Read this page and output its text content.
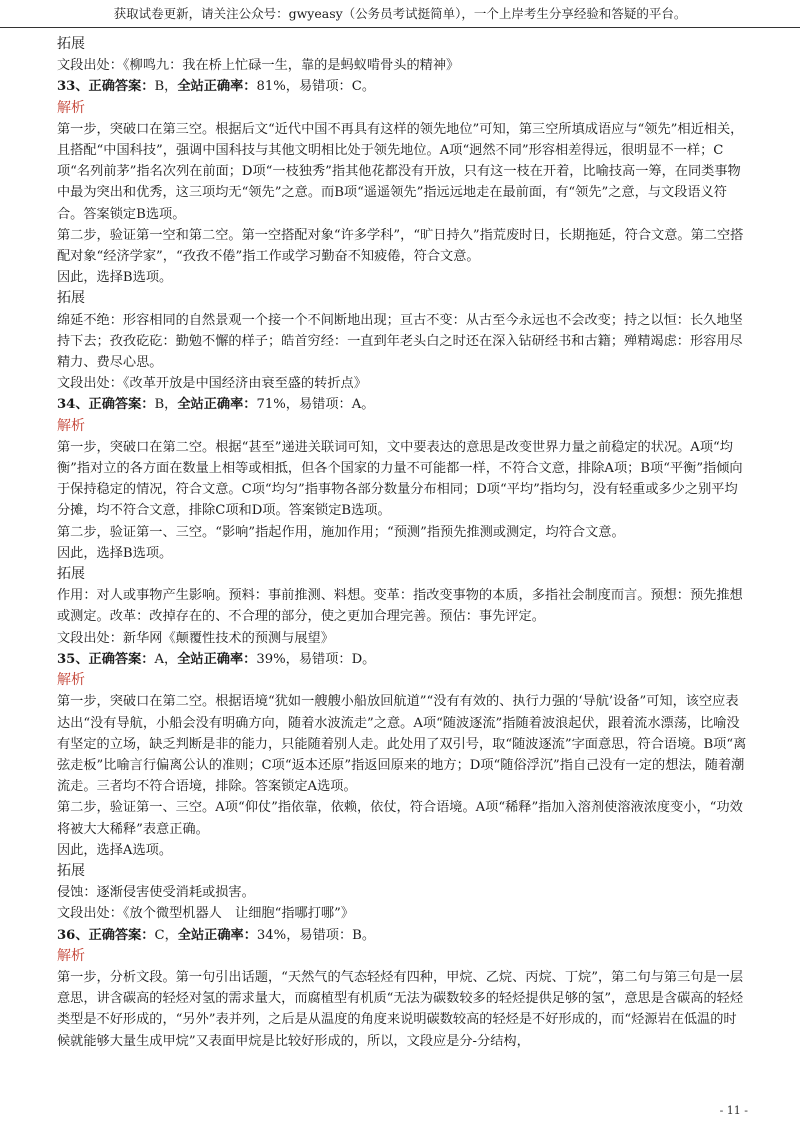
获取试卷更新，请关注公众号：gwyeasy（公务员考试挺简单），一个上岸考生分享经验和答疑的平台。

拓展

文段出处：《柳鸣九：我在桥上忙碌一生，靠的是蚂蚁啃骨头的精神》

33、正确答案：B，全站正确率：81%，易错项：C。

解析

第一步，突破口在第三空。根据后文“近代中国不再具有这样的领先地位”可知，第三空所填成语应与“领先”相近相关，且搭配“中国科技”，强调中国科技与其他文明相比处于领先地位。A项“迥然不同”形容相差得远，很明显不一样；C项“名列前茅”指名次列在前面；D项“一枝独秀”指其他花都没有开放，只有这一枝在开着，比喻技高一筹，在同类事物中最为突出和优秀，这三项均无“领先”之意。而B项“遥遥领先”指远远地走在最前面，有“领先”之意，与文段语义符合。答案锁定B选项。

第二步，验证第一空和第二空。第一空搭配对象“许多学科”，“旷日持久”指荒废时日，长期拖延，符合文意。第二空搭配对象“经济学家”，“孜孜不倦”指工作或学习勤奋不知疲倦，符合文意。

因此，选择B选项。

拓展

绵延不绝：形容相同的自然景观一个接一个不间断地出现；亘古不变：从古至今永远也不会改变；持之以恒：长久地坚持下去；孜孜矻矻：勤勉不懈的样子；皓首穷经：一直到年老头白之时还在深入钻研经书和古籍；殚精竭虑：形容用尽精力、费尽心思。

文段出处：《改革开放是中国经济由衰至盛的转折点》

34、正确答案：B，全站正确率：71%，易错项：A。

解析

第一步，突破口在第二空。根据“甚至”递进关联词可知，文中要表达的意思是改变世界力量之前稳定的状况。A项“均衡”指对立的各方面在数量上相等或相抵，但各个国家的力量不可能都一样，不符合文意，排除A项；B项“平衡”指倾向于保持稳定的情况，符合文意。C项“均匀”指事物各部分数量分布相同；D项“平均”指均匀，没有轻重或多少之别平均分摊，均不符合文意，排除C项和D项。答案锁定B选项。

第二步，验证第一、三空。“影响”指起作用，施加作用；“预测”指预先推测或测定，均符合文意。

因此，选择B选项。

拓展

作用：对人或事物产生影响。预料：事前推测、料想。变革：指改变事物的本质，多指社会制度而言。预想：预先推想或测定。改革：改掉存在的、不合理的部分，使之更加合理完善。预估：事先评定。

文段出处：新华网《颠覆性技术的预测与展望》

35、正确答案：A，全站正确率：39%，易错项：D。

解析

第一步，突破口在第二空。根据语境“犹如一艘艘小船放回航道”“没有有效的、执行力强的‘导航’设备”可知，该空应表达出“没有导航，小船会没有明确方向，随着水波流走”之意。A项“随波逐流”指随着波浪起伏，跟着流水漂荡，比喻没有坚定的立场，缺乏判断是非的能力，只能随着别人走。此处用了双引号，取“随波逐流”字面意思，符合语境。B项“离弦走板”比喻言行偏离公认的准则；C项“返本还原”指返回原来的地方；D项“随俗浮沉”指自己没有一定的想法，随着潮流走。三者均不符合语境，排除。答案锁定A选项。

第二步，验证第一、三空。A项“仰仗”指依靠，依赖，依仗，符合语境。A项“稀释”指加入溶剂使溶液浓度变小，“功效将被大大稀释”表意正确。

因此，选择A选项。

拓展

侵蚀：逐渐侵害使受消耗或损害。

文段出处：《放个微型机器人　让细胞“指哪打哪”》

36、正确答案：C，全站正确率：34%，易错项：B。

解析

第一步，分析文段。第一句引出话题，“天然气的气态轻烃有四种，甲烷、乙烷、丙烷、丁烷”，第二句与第三句是一层意思，讲含碳高的轻烃对氢的需求量大，而腐植型有机质“无法为碳数较多的轻烃提供足够的氢”，意思是含碳高的轻烃类型是不好形成的，“另外”表并列，之后是从温度的角度来说明碳数较高的轻烃是不好形成的，而“烃源岩在低温的时候就能够大量生成甲烷”又表面甲烷是比较好形成的，所以，文段应是分-分结构，

- 11 -
